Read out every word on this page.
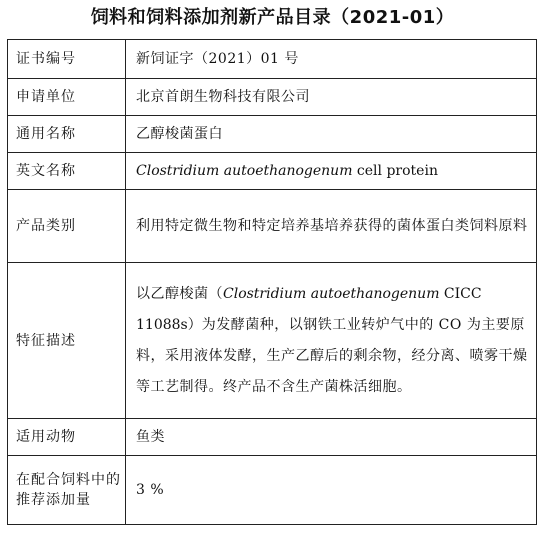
饲料和饲料添加剂新产品目录（2021-01）
证书编号	新饲证字（2021）01 号
申请单位	北京首朗生物科技有限公司
通用名称	乙醇梭菌蛋白
英文名称	Clostridium autoethanogenum cell protein
产品类别	利用特定微生物和特定培养基培养获得的菌体蛋白类饲料原料
特征描述	以乙醇梭菌（Clostridium autoethanogenum CICC 11088s）为发酵菌种，以钢铁工业转炉气中的 CO 为主要原料，采用液体发酵，生产乙醇后的剩余物，经分离、喷雾干燥等工艺制得。终产品不含生产菌株活细胞。
适用动物	鱼类
在配合饲料中的推荐添加量	3 %
